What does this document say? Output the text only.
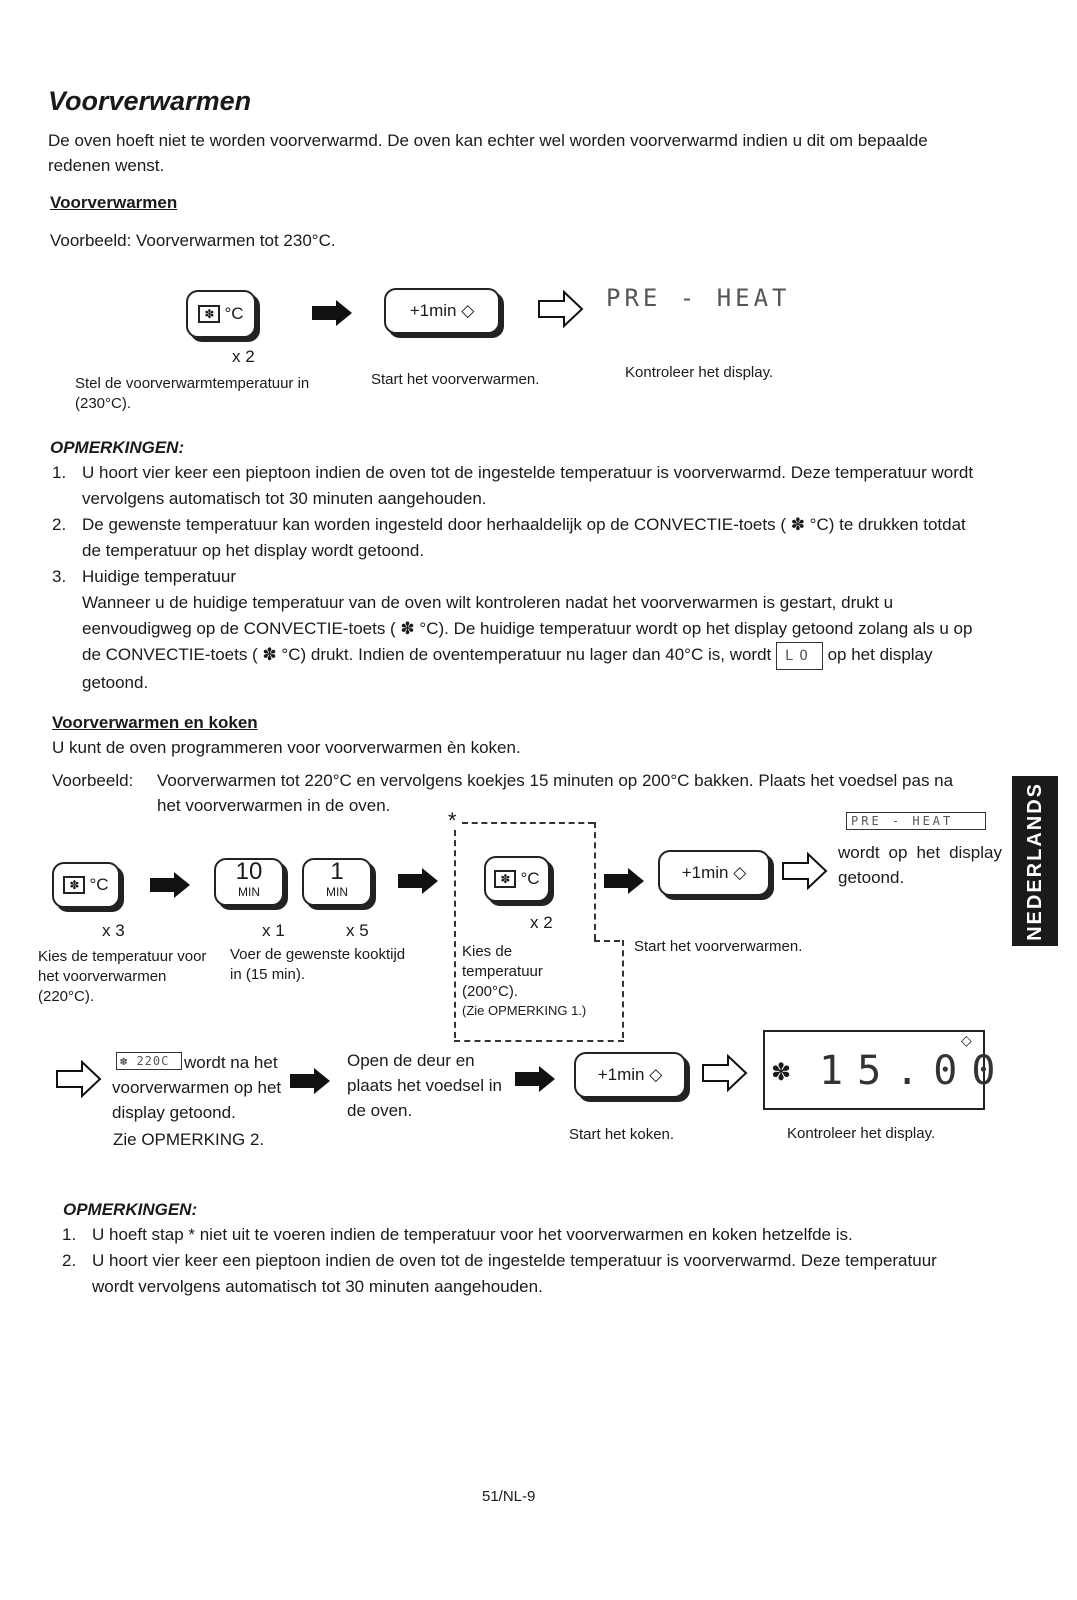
Voorverwarmen
De oven hoeft niet te worden voorverwarmd. De oven kan echter wel worden voorverwarmd indien u dit om bepaalde redenen wenst.
Voorverwarmen
Voorbeeld: Voorverwarmen tot 230°C.
✽ °C
x 2
+1min ◇	PRE - HEAT
Stel de voorverwarmtemperatuur in (230°C).
Start het voorverwarmen.	Kontroleer het display.
OPMERKINGEN:
1. U hoort vier keer een pieptoon indien de oven tot de ingestelde temperatuur is voorverwarmd. Deze temperatuur wordt vervolgens automatisch tot 30 minuten aangehouden.
2. De gewenste temperatuur kan worden ingesteld door herhaaldelijk op de CONVECTIE-toets ( ✽ °C) te drukken totdat de temperatuur op het display wordt getoond.
3. Huidige temperatuur
Wanneer u de huidige temperatuur van de oven wilt kontroleren nadat het voorverwarmen is gestart, drukt u eenvoudigweg op de CONVECTIE-toets ( ✽ °C). De huidige temperatuur wordt op het display getoond zolang als u op de CONVECTIE-toets ( ✽ °C) drukt. Indien de oventemperatuur nu lager dan 40°C is, wordt LO op het display getoond.
Voorverwarmen en koken
U kunt de oven programmeren voor voorverwarmen èn koken.
Voorbeeld: Voorverwarmen tot 220°C en vervolgens koekjes 15 minuten op 200°C bakken. Plaats het voedsel pas na het voorverwarmen in de oven.
✽ °C
x 3
10
MIN
1
MIN
x 1	x 5
*
✽ °C
x 2
+1min ◇
PRE - HEAT
wordt op het display getoond.
Kies de temperatuur voor het voorverwarmen (220°C).
Voer de gewenste kooktijd in (15 min).
Kies de temperatuur (200°C).
(Zie OPMERKING 1.)
Start het voorverwarmen.
✽ 220C wordt na het voorverwarmen op het display getoond.
Zie OPMERKING 2.
Open de deur en plaats het voedsel in de oven.
+1min ◇
◇
✽ 15.00
Start het koken.	Kontroleer het display.
OPMERKINGEN:
1. U hoeft stap * niet uit te voeren indien de temperatuur voor het voorverwarmen en koken hetzelfde is.
2. U hoort vier keer een pieptoon indien de oven tot de ingestelde temperatuur is voorverwarmd. Deze temperatuur wordt vervolgens automatisch tot 30 minuten aangehouden.
NEDERLANDS
51/NL-9
